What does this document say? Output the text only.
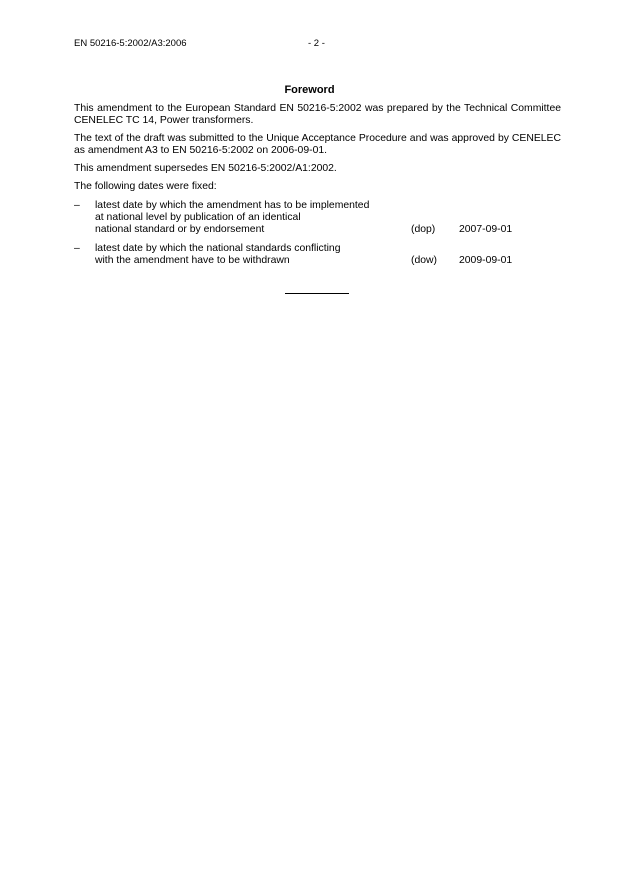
EN 50216-5:2002/A3:2006	- 2 -
Foreword

This amendment to the European Standard EN 50216-5:2002 was prepared by the Technical Committee CENELEC TC 14, Power transformers.

The text of the draft was submitted to the Unique Acceptance Procedure and was approved by CENELEC as amendment A3 to EN 50216-5:2002 on 2006-09-01.

This amendment supersedes EN 50216-5:2002/A1:2002.

The following dates were fixed:

–	latest date by which the amendment has to be implemented
at national level by publication of an identical
national standard or by endorsement	(dop) 2007-09-01
–	latest date by which the national standards conflicting
with the amendment have to be withdrawn	(dow) 2009-09-01
